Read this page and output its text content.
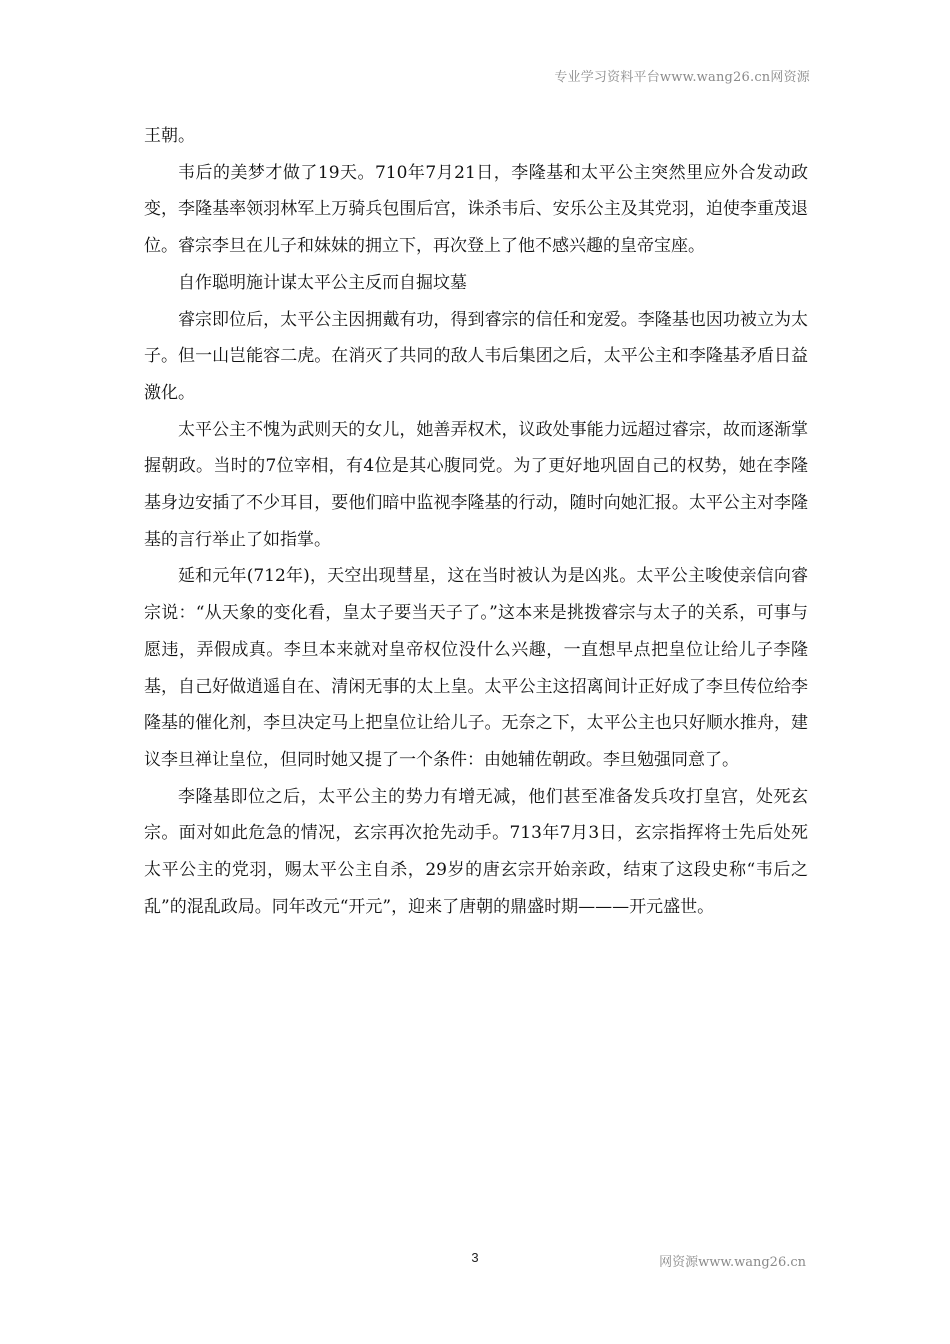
专业学习资料平台www.wang26.cn网资源

王朝。

韦后的美梦才做了19天。710年7月21日，李隆基和太平公主突然里应外合发动政变，李隆基率领羽林军上万骑兵包围后宫，诛杀韦后、安乐公主及其党羽，迫使李重茂退位。睿宗李旦在儿子和妹妹的拥立下，再次登上了他不感兴趣的皇帝宝座。

自作聪明施计谋太平公主反而自掘坟墓

睿宗即位后，太平公主因拥戴有功，得到睿宗的信任和宠爱。李隆基也因功被立为太子。但一山岂能容二虎。在消灭了共同的敌人韦后集团之后，太平公主和李隆基矛盾日益激化。

太平公主不愧为武则天的女儿，她善弄权术，议政处事能力远超过睿宗，故而逐渐掌握朝政。当时的7位宰相，有4位是其心腹同党。为了更好地巩固自己的权势，她在李隆基身边安插了不少耳目，要他们暗中监视李隆基的行动，随时向她汇报。太平公主对李隆基的言行举止了如指掌。

延和元年(712年)，天空出现彗星，这在当时被认为是凶兆。太平公主唆使亲信向睿宗说：“从天象的变化看，皇太子要当天子了。”这本来是挑拨睿宗与太子的关系，可事与愿违，弄假成真。李旦本来就对皇帝权位没什么兴趣，一直想早点把皇位让给儿子李隆基，自己好做逍遥自在、清闲无事的太上皇。太平公主这招离间计正好成了李旦传位给李隆基的催化剂，李旦决定马上把皇位让给儿子。无奈之下，太平公主也只好顺水推舟，建议李旦禅让皇位，但同时她又提了一个条件：由她辅佐朝政。李旦勉强同意了。

李隆基即位之后，太平公主的势力有增无减，他们甚至准备发兵攻打皇宫，处死玄宗。面对如此危急的情况，玄宗再次抢先动手。713年7月3日，玄宗指挥将士先后处死太平公主的党羽，赐太平公主自杀，29岁的唐玄宗开始亲政，结束了这段史称“韦后之乱”的混乱政局。同年改元“开元”，迎来了唐朝的鼎盛时期———开元盛世。

3	网资源www.wang26.cn
